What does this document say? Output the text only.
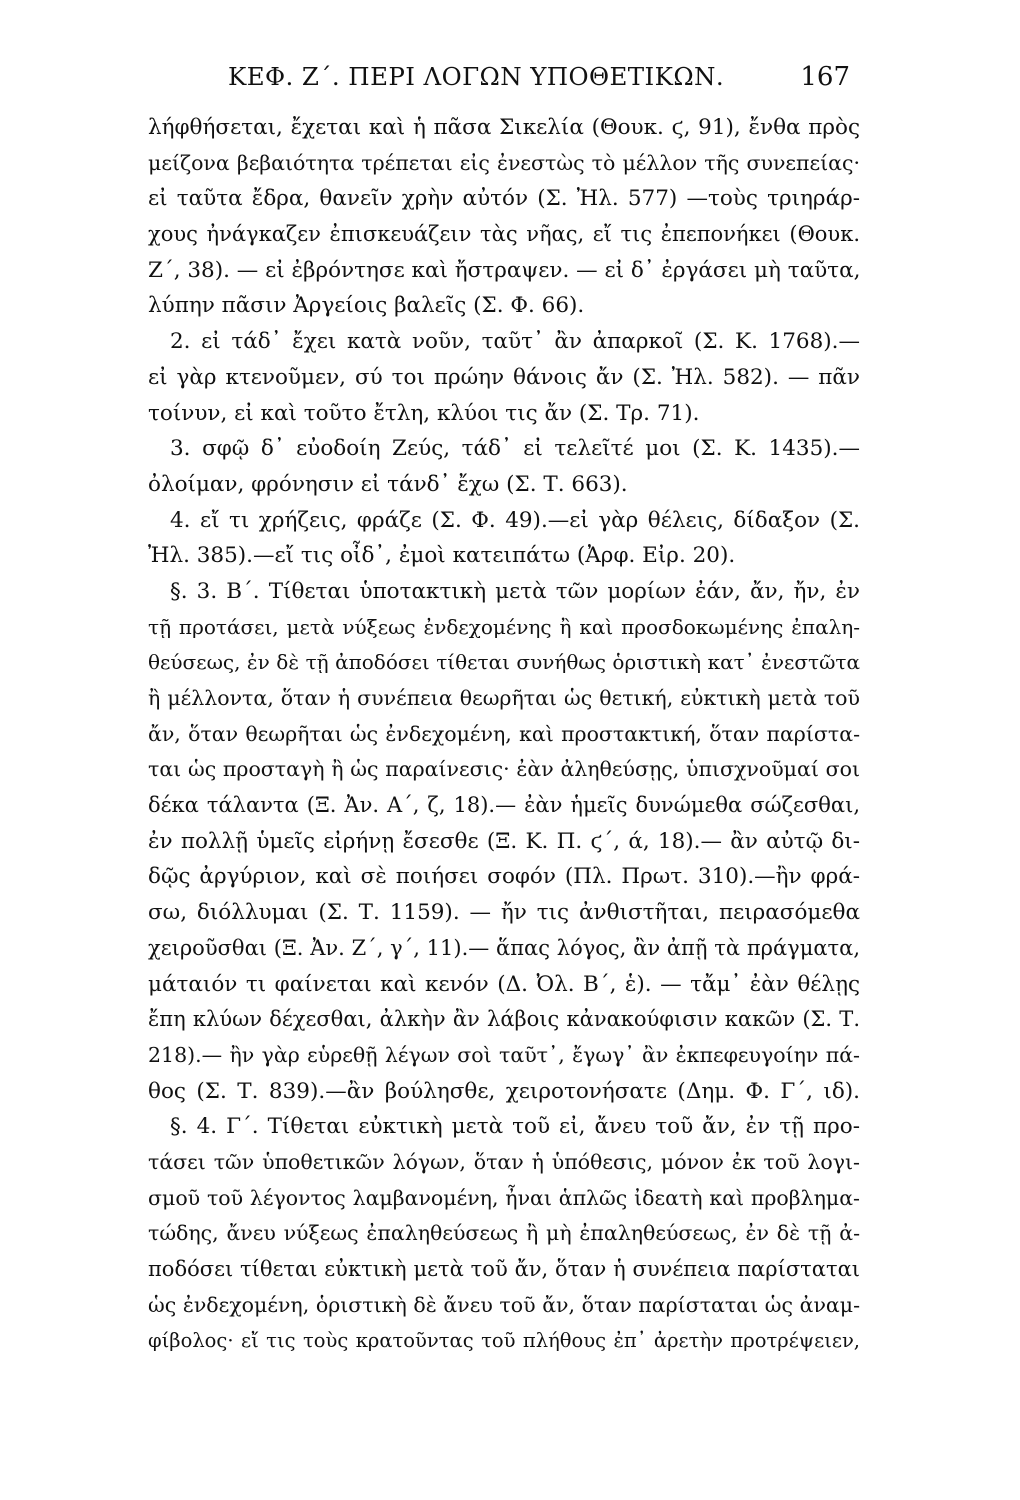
ΚΕΦ. Ζ΄. ΠΕΡΙ ΛΟΓΩΝ ΥΠΟΘΕΤΙΚΩΝ.	167
λήφθήσεται, ἔχεται καὶ ἡ πᾶσα Σικελία (Θουκ. ϛ, 91), ἔνθα πρὸς
μείζονα βεβαιότητα τρέπεται εἰς ἐνεστὼς τὸ μέλλον τῆς συνεπείας·
εἰ ταῦτα ἔδρα, θανεῖν χρὴν αὐτόν (Σ. Ἠλ. 577) —τοὺς τριηράρ-
χους ἠνάγκαζεν ἐπισκευάζειν τὰς νῆας, εἴ τις ἐπεπονήκει (Θουκ.
Ζ΄, 38). — εἰ ἐβρόντησε καὶ ἤστραψεν. — εἰ δ᾽ ἐργάσει μὴ ταῦτα,
λύπην πᾶσιν Ἀργείοις βαλεῖς (Σ. Φ. 66).
2. εἰ τάδ᾽ ἔχει κατὰ νοῦν, ταῦτ᾽ ἂν ἀπαρκοῖ (Σ. Κ. 1768).—
εἰ γὰρ κτενοῦμεν, σύ τοι πρώην θάνοις ἄν (Σ. Ἠλ. 582). — πᾶν
τοίνυν, εἰ καὶ τοῦτο ἔτλη, κλύοι τις ἄν (Σ. Τρ. 71).
3. σφῷ δ᾽ εὐοδοίη Ζεύς, τάδ᾽ εἰ τελεῖτέ μοι (Σ. Κ. 1435).—
ὀλοίμαν, φρόνησιν εἰ τάνδ᾽ ἔχω (Σ. Τ. 663).
4. εἴ τι χρήζεις, φράζε (Σ. Φ. 49).—εἰ γὰρ θέλεις, δίδαξον (Σ.
Ἠλ. 385).—εἴ τις οἶδ᾽, ἐμοὶ κατειπάτω (Ἀρφ. Εἰρ. 20).
§. 3. Β΄. Τίθεται ὑποτακτικὴ μετὰ τῶν μορίων ἐάν, ἄν, ἤν, ἐν
τῇ προτάσει, μετὰ νύξεως ἐνδεχομένης ἢ καὶ προσδοκωμένης ἐπαλη-
θεύσεως, ἐν δὲ τῇ ἀποδόσει τίθεται συνήθως ὁριστικὴ κατ᾽ ἐνεστῶτα
ἢ μέλλοντα, ὅταν ἡ συνέπεια θεωρῆται ὡς θετική, εὐκτικὴ μετὰ τοῦ
ἄν, ὅταν θεωρῆται ὡς ἐνδεχομένη, καὶ προστακτική, ὅταν παρίστα-
ται ὡς προσταγὴ ἢ ὡς παραίνεσις· ἐὰν ἀληθεύσῃς, ὑπισχνοῦμαί σοι
δέκα τάλαντα (Ξ. Ἀν. Α΄, ζ, 18).— ἐὰν ἡμεῖς δυνώμεθα σώζεσθαι,
ἐν πολλῇ ὑμεῖς εἰρήνῃ ἔσεσθε (Ξ. Κ. Π. ϛ΄, ά, 18).— ἂν αὐτῷ δι-
δῷς ἀργύριον, καὶ σὲ ποιήσει σοφόν (Πλ. Πρωτ. 310).—ἢν φρά-
σω, διόλλυμαι (Σ. Τ. 1159). — ἤν τις ἀνθιστῆται, πειρασόμεθα
χειροῦσθαι (Ξ. Ἀν. Ζ΄, γ΄, 11).— ἅπας λόγος, ἂν ἀπῇ τὰ πράγματα,
μάταιόν τι φαίνεται καὶ κενόν (Δ. Ὀλ. Β΄, ἑ). — τἄμ᾽ ἐὰν θέλῃς
ἔπη κλύων δέχεσθαι, ἀλκὴν ἂν λάβοις κἀνακούφισιν κακῶν (Σ. Τ.
218).— ἢν γὰρ εὑρεθῇ λέγων σοὶ ταῦτ᾽, ἔγωγ᾽ ἂν ἐκπεφευγοίην πά-
θος (Σ. Τ. 839).—ἂν βούλησθε, χειροτονήσατε (Δημ. Φ. Γ΄, ιδ).
§. 4. Γ΄. Τίθεται εὐκτικὴ μετὰ τοῦ εἰ, ἄνευ τοῦ ἄν, ἐν τῇ προ-
τάσει τῶν ὑποθετικῶν λόγων, ὅταν ἡ ὑπόθεσις, μόνον ἐκ τοῦ λογι-
σμοῦ τοῦ λέγοντος λαμβανομένη, ἦναι ἁπλῶς ἰδεατὴ καὶ προβλημα-
τώδης, ἄνευ νύξεως ἐπαληθεύσεως ἢ μὴ ἐπαληθεύσεως, ἐν δὲ τῇ ἀ-
ποδόσει τίθεται εὐκτικὴ μετὰ τοῦ ἄν, ὅταν ἡ συνέπεια παρίσταται
ὡς ἐνδεχομένη, ὁριστικὴ δὲ ἄνευ τοῦ ἄν, ὅταν παρίσταται ὡς ἀναμ-
φίβολος· εἴ τις τοὺς κρατοῦντας τοῦ πλήθους ἐπ᾽ ἀρετὴν προτρέψειεν,
